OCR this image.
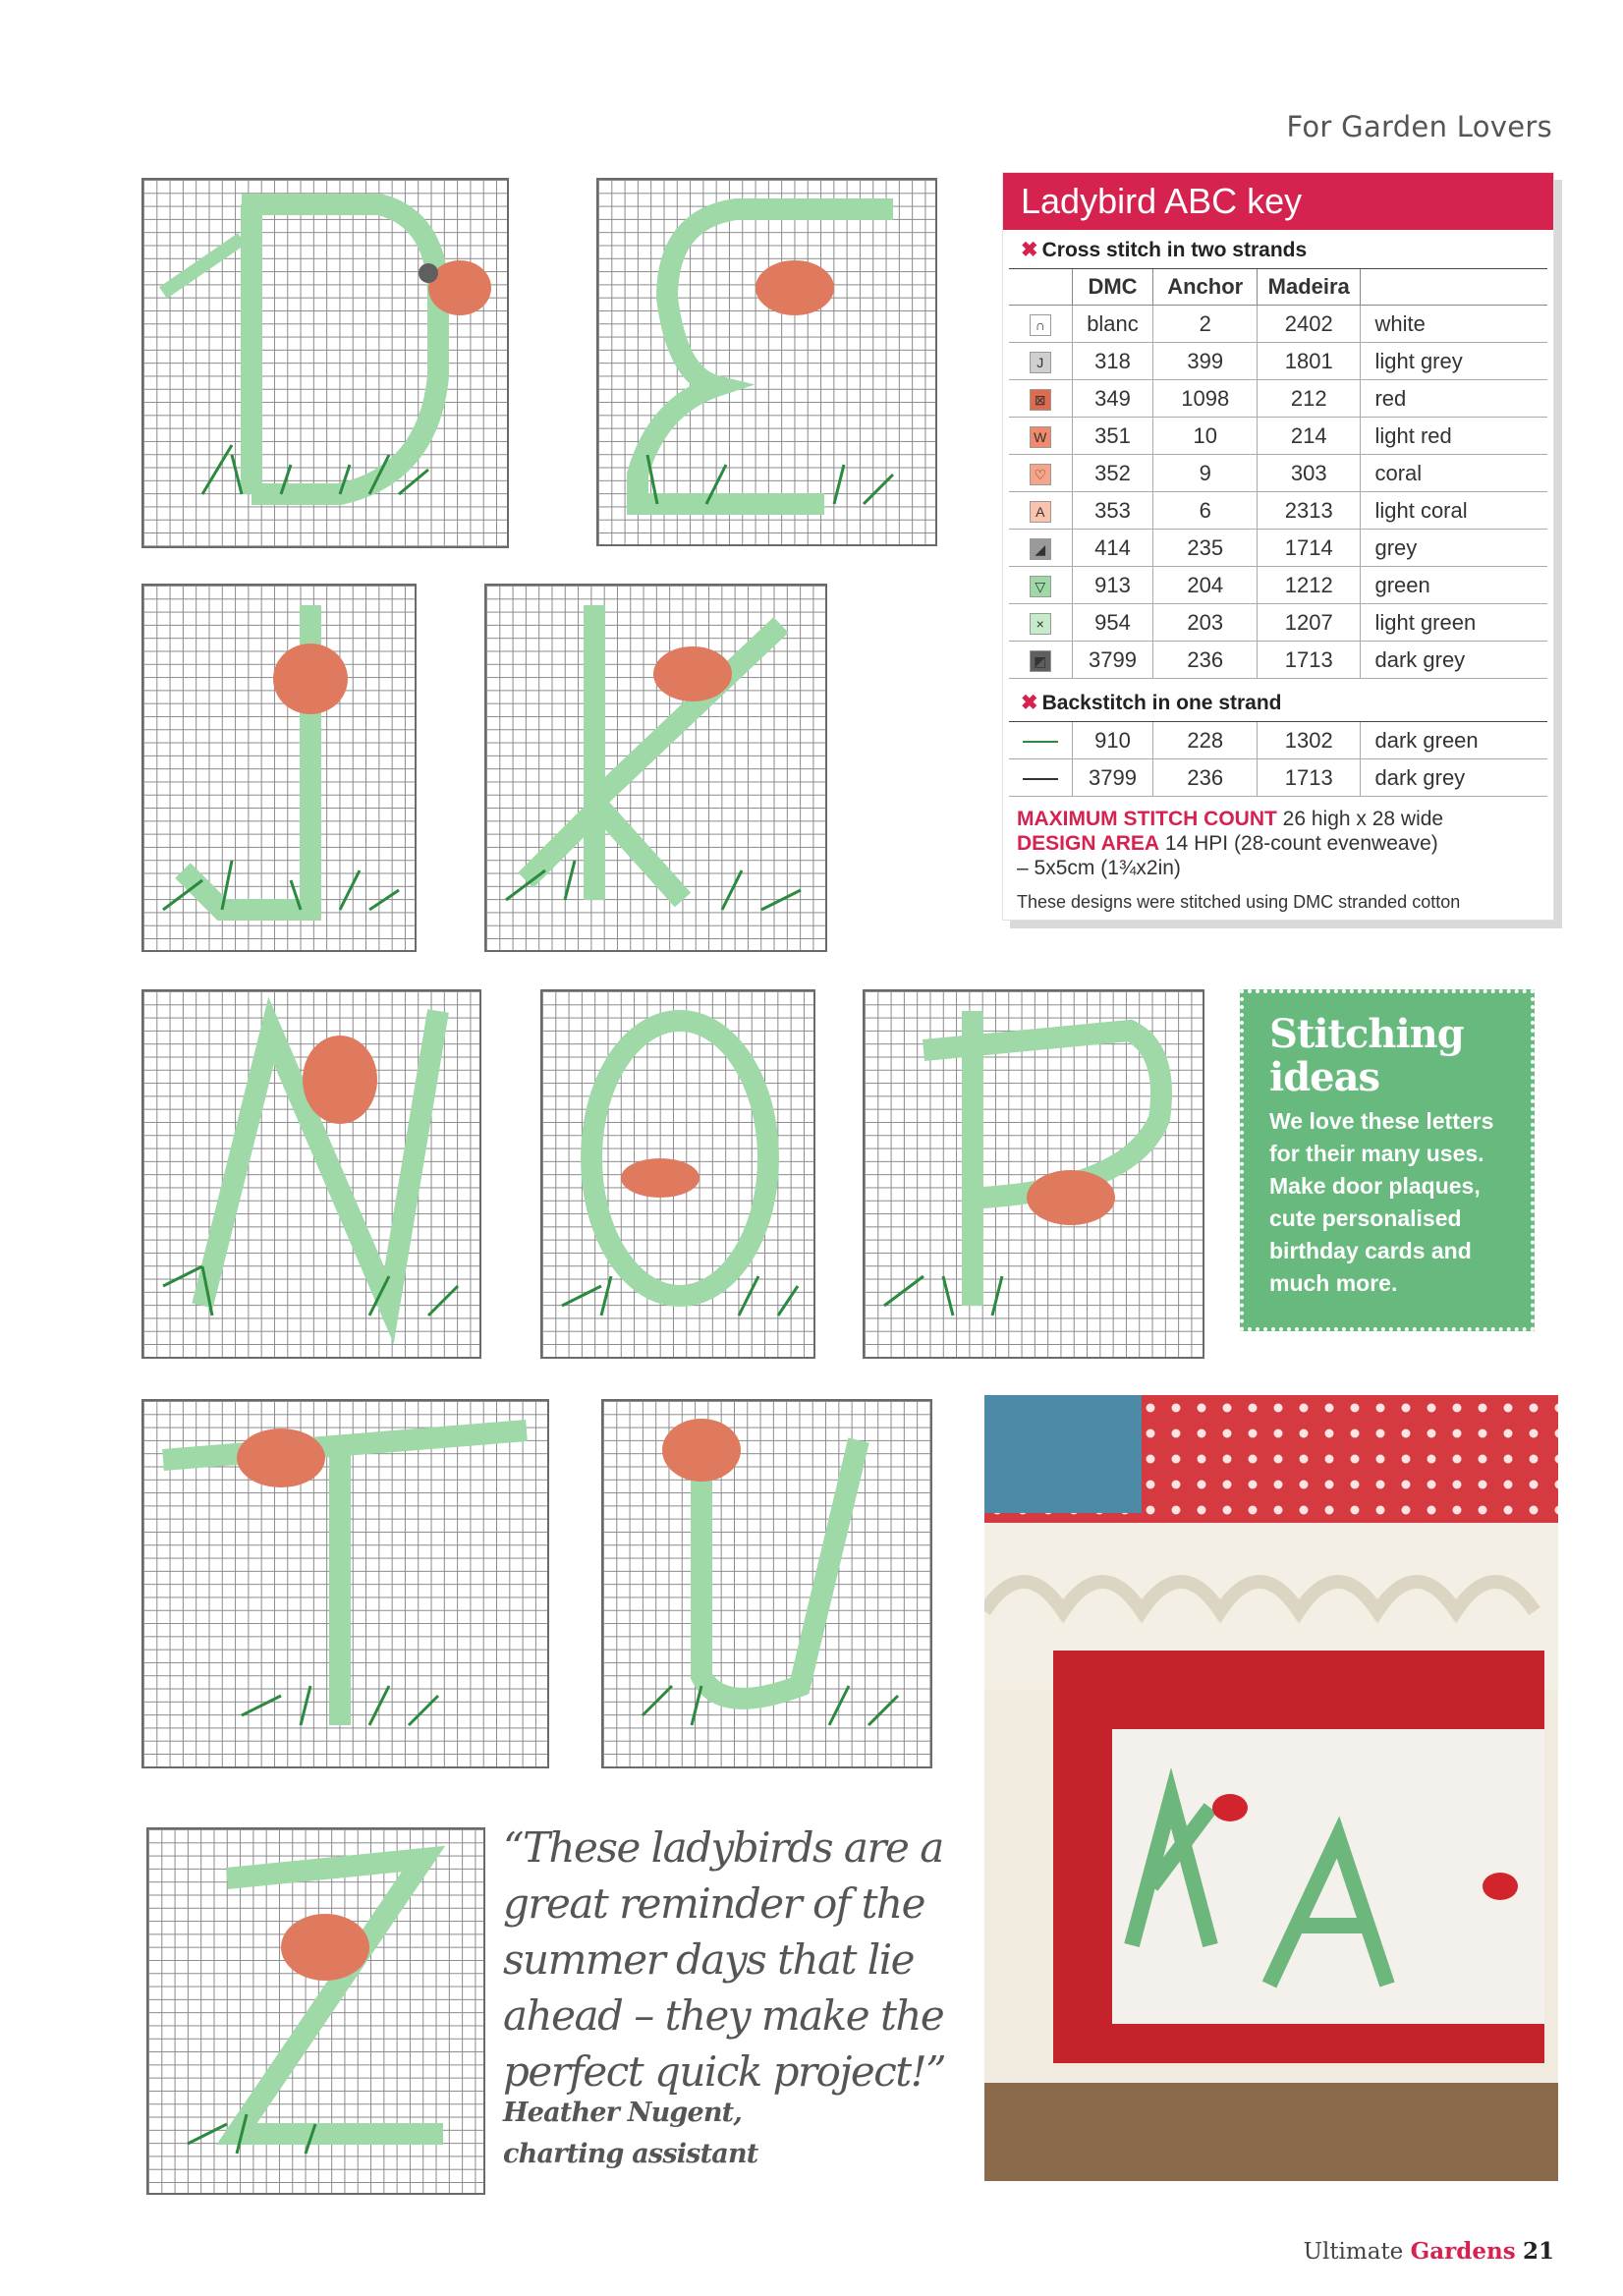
For Garden Lovers
Ladybird ABC key
✖ Cross stitch in two strands
	DMC	Anchor	Madeira	
∩	blanc	2	2402	white
J	318	399	1801	light grey
⊠	349	1098	212	red
W	351	10	214	light red
♡	352	9	303	coral
A	353	6	2313	light coral
◢	414	235	1714	grey
▽	913	204	1212	green
×	954	203	1207	light green
◩	3799	236	1713	dark grey
✖ Backstitch in one strand
	910	228	1302	dark green
	3799	236	1713	dark grey
MAXIMUM STITCH COUNT 26 high x 28 wide
DESIGN AREA 14 HPI (28-count evenweave)
– 5x5cm (1¾x2in)
These designs were stitched using DMC stranded cotton
Stitching
ideas
We love these letters for their many uses. Make door plaques, cute personalised birthday cards and much more.
“These ladybirds are a great reminder of the summer days that lie ahead – they make the perfect quick project!”
Heather Nugent,
charting assistant
Ultimate Gardens 21
